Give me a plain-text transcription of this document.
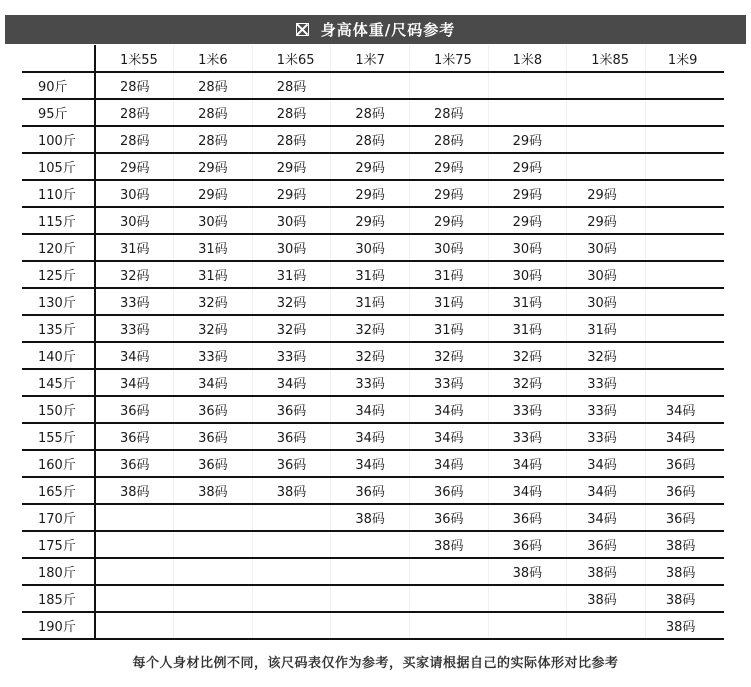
身高体重/尺码参考
	1米55	1米6	1米65	1米7	1米75	1米8	1米85	1米9
90斤	28码	28码	28码					
95斤	28码	28码	28码	28码	28码			
100斤	28码	28码	28码	28码	28码	29码		
105斤	29码	29码	29码	29码	29码	29码		
110斤	30码	29码	29码	29码	29码	29码	29码	
115斤	30码	30码	30码	29码	29码	29码	29码	
120斤	31码	31码	30码	30码	30码	30码	30码	
125斤	32码	31码	31码	31码	31码	30码	30码	
130斤	33码	32码	32码	31码	31码	31码	30码	
135斤	33码	32码	32码	32码	31码	31码	31码	
140斤	34码	33码	33码	32码	32码	32码	32码	
145斤	34码	34码	34码	33码	33码	32码	33码	
150斤	36码	36码	36码	34码	34码	33码	33码	34码
155斤	36码	36码	36码	34码	34码	33码	33码	34码
160斤	36码	36码	36码	34码	34码	34码	34码	36码
165斤	38码	38码	38码	36码	36码	34码	34码	36码
170斤				38码	36码	36码	34码	36码
175斤					38码	36码	36码	38码
180斤						38码	38码	38码
185斤							38码	38码
190斤								38码
每个人身材比例不同，该尺码表仅作为参考，买家请根据自己的实际体形对比参考
